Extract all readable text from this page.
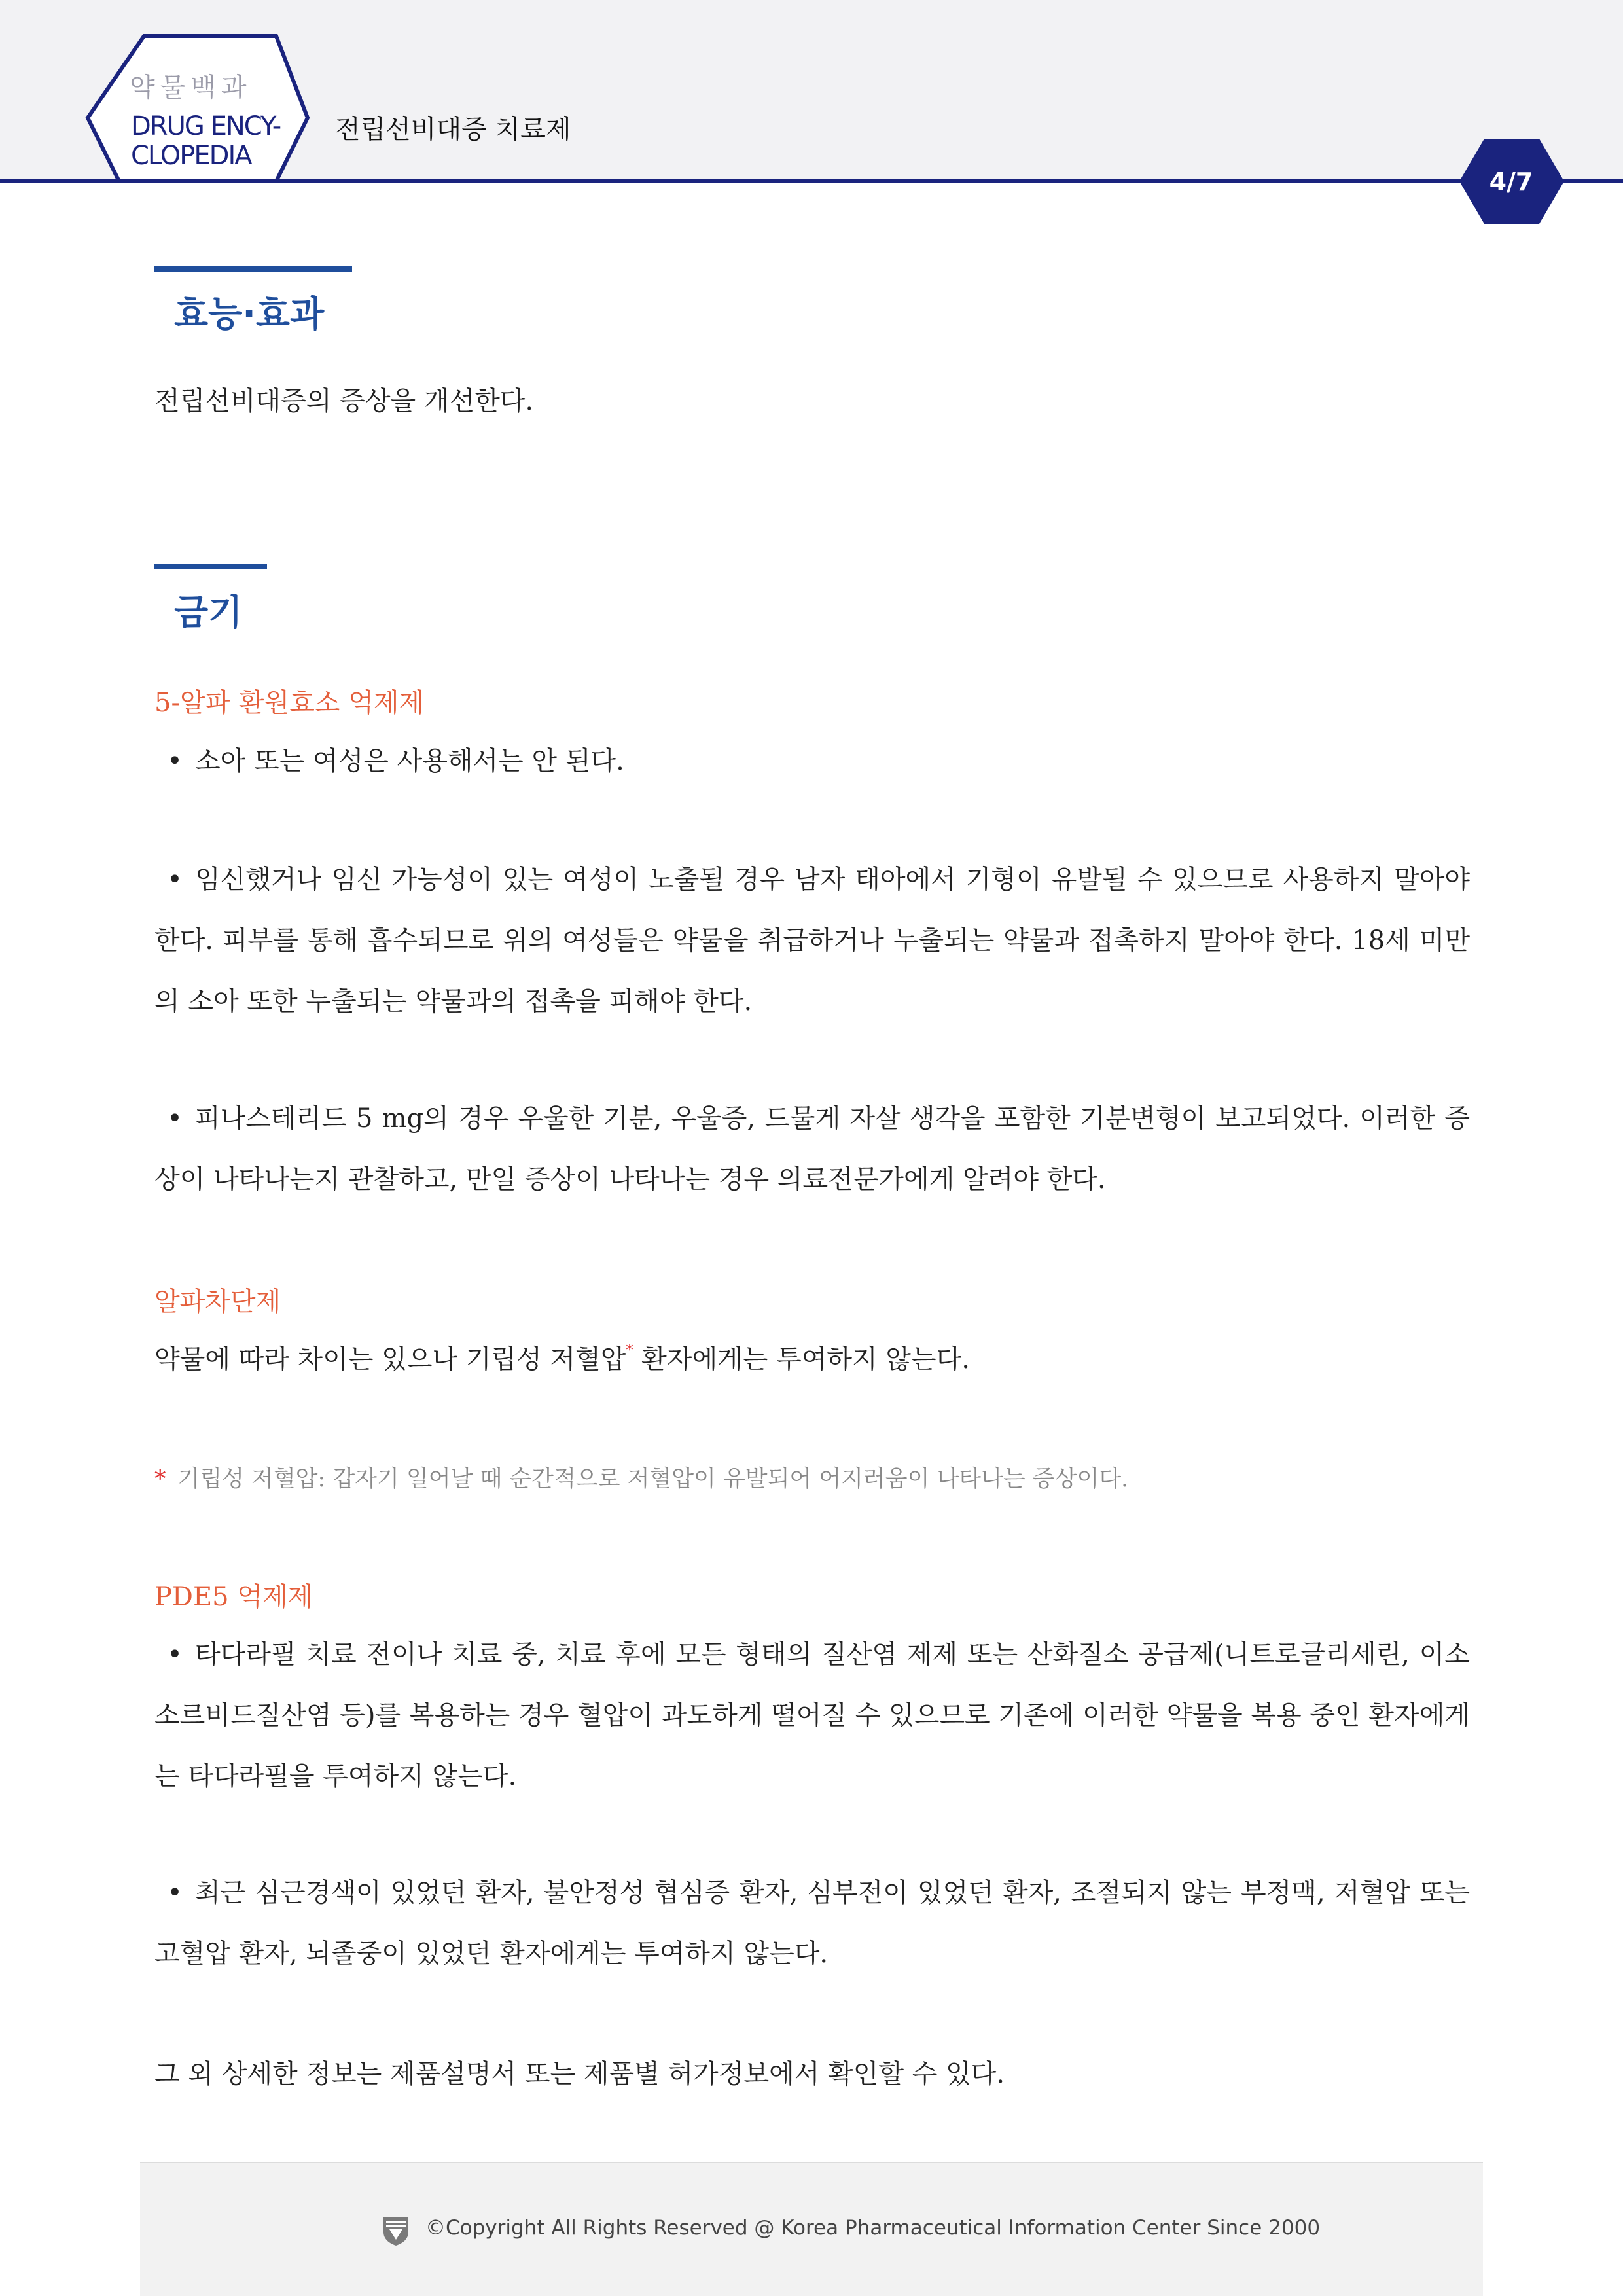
약물백과
DRUG ENCY-
CLOPEDIA
전립선비대증 치료제
4/7
효능·효과

전립선비대증의 증상을 개선한다.

금기
5-알파 환원효소 억제제

• 소아 또는 여성은 사용해서는 안 된다.

• 임신했거나 임신 가능성이 있는 여성이 노출될 경우 남자 태아에서 기형이 유발될 수 있으므로 사용하지 말아야 한다. 피부를 통해 흡수되므로 위의 여성들은 약물을 취급하거나 누출되는 약물과 접촉하지 말아야 한다. 18세 미만의 소아 또한 누출되는 약물과의 접촉을 피해야 한다.

• 피나스테리드 5 mg의 경우 우울한 기분, 우울증, 드물게 자살 생각을 포함한 기분변형이 보고되었다. 이러한 증상이 나타나는지 관찰하고, 만일 증상이 나타나는 경우 의료전문가에게 알려야 한다.

알파차단제

약물에 따라 차이는 있으나 기립성 저혈압* 환자에게는 투여하지 않는다.

* 기립성 저혈압: 갑자기 일어날 때 순간적으로 저혈압이 유발되어 어지러움이 나타나는 증상이다.
PDE5 억제제

• 타다라필 치료 전이나 치료 중, 치료 후에 모든 형태의 질산염 제제 또는 산화질소 공급제(니트로글리세린, 이소소르비드질산염 등)를 복용하는 경우 혈압이 과도하게 떨어질 수 있으므로 기존에 이러한 약물을 복용 중인 환자에게는 타다라필을 투여하지 않는다.

• 최근 심근경색이 있었던 환자, 불안정성 협심증 환자, 심부전이 있었던 환자, 조절되지 않는 부정맥, 저혈압 또는 고혈압 환자, 뇌졸중이 있었던 환자에게는 투여하지 않는다.

그 외 상세한 정보는 제품설명서 또는 제품별 허가정보에서 확인할 수 있다.

©Copyright All Rights Reserved @ Korea Pharmaceutical Information Center Since 2000
